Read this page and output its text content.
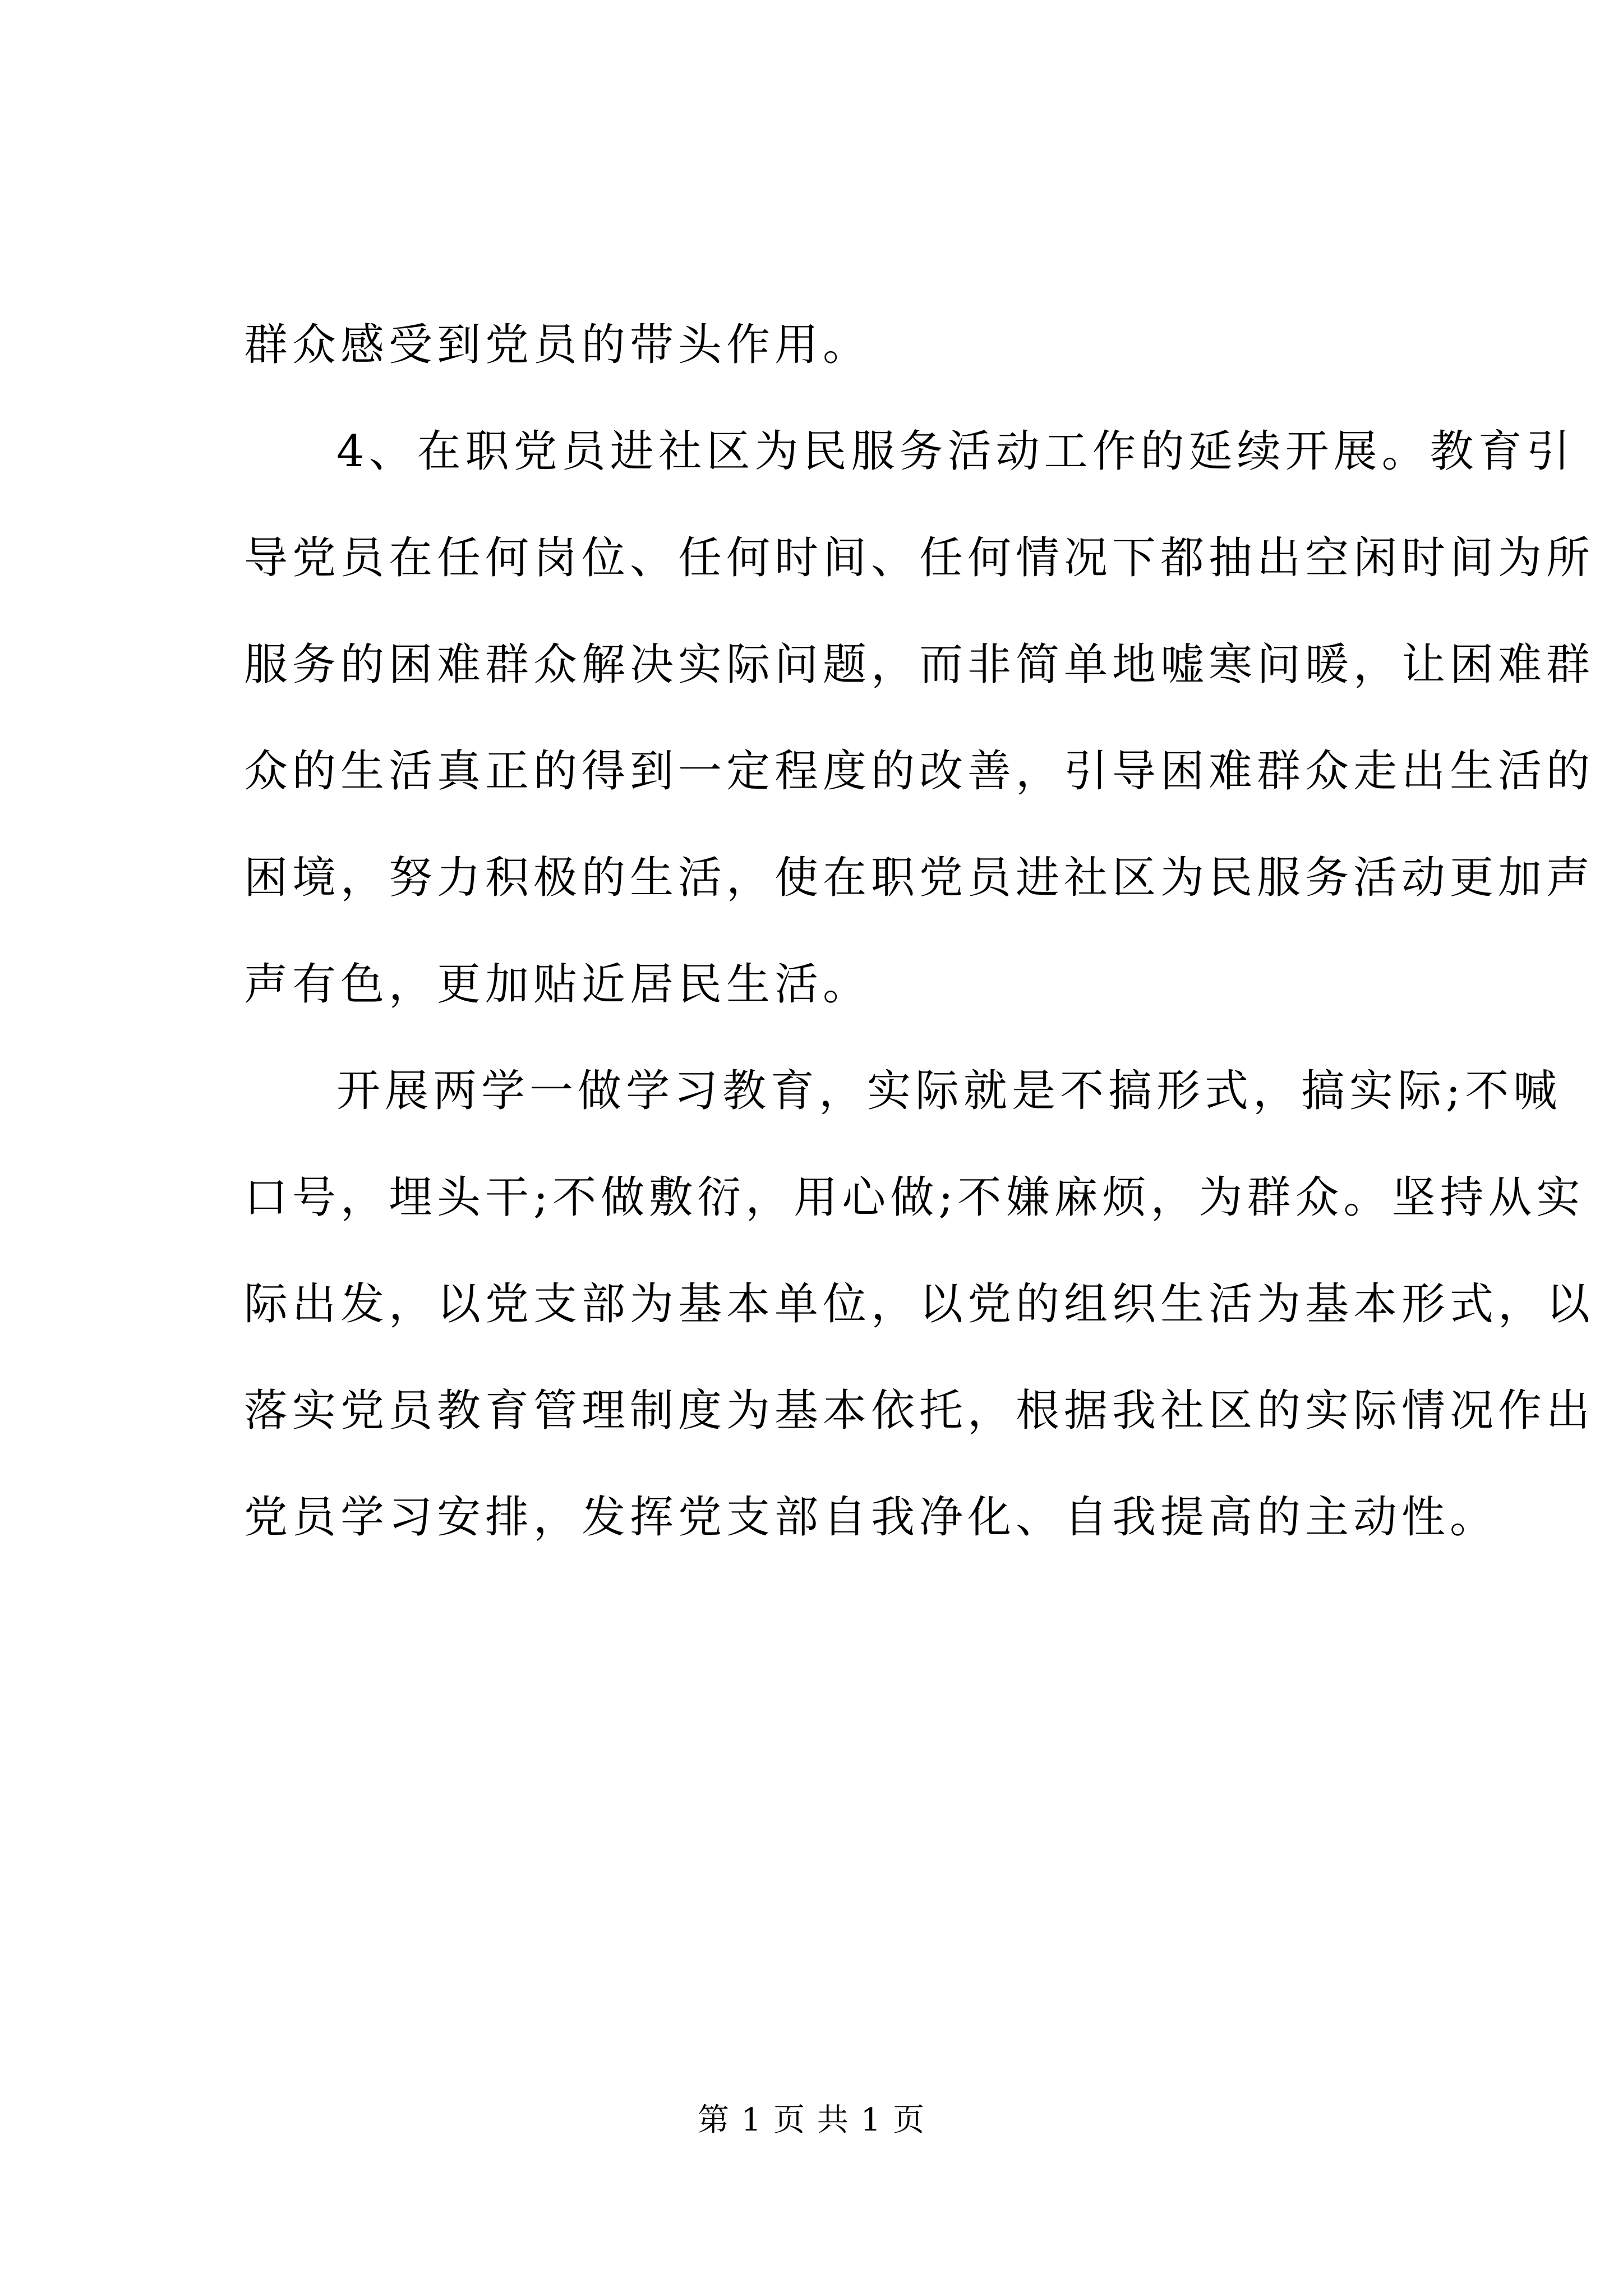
群众感受到党员的带头作用。
4、在职党员进社区为民服务活动工作的延续开展。教育引
导党员在任何岗位、任何时间、任何情况下都抽出空闲时间为所
服务的困难群众解决实际问题，而非简单地嘘寒问暖，让困难群
众的生活真正的得到一定程度的改善，引导困难群众走出生活的
困境，努力积极的生活，使在职党员进社区为民服务活动更加声
声有色，更加贴近居民生活。
开展两学一做学习教育，实际就是不搞形式，搞实际;不喊
口号，埋头干;不做敷衍，用心做;不嫌麻烦，为群众。坚持从实
际出发，以党支部为基本单位，以党的组织生活为基本形式，以
落实党员教育管理制度为基本依托，根据我社区的实际情况作出
党员学习安排，发挥党支部自我净化、自我提高的主动性。
第 1 页 共 1 页
